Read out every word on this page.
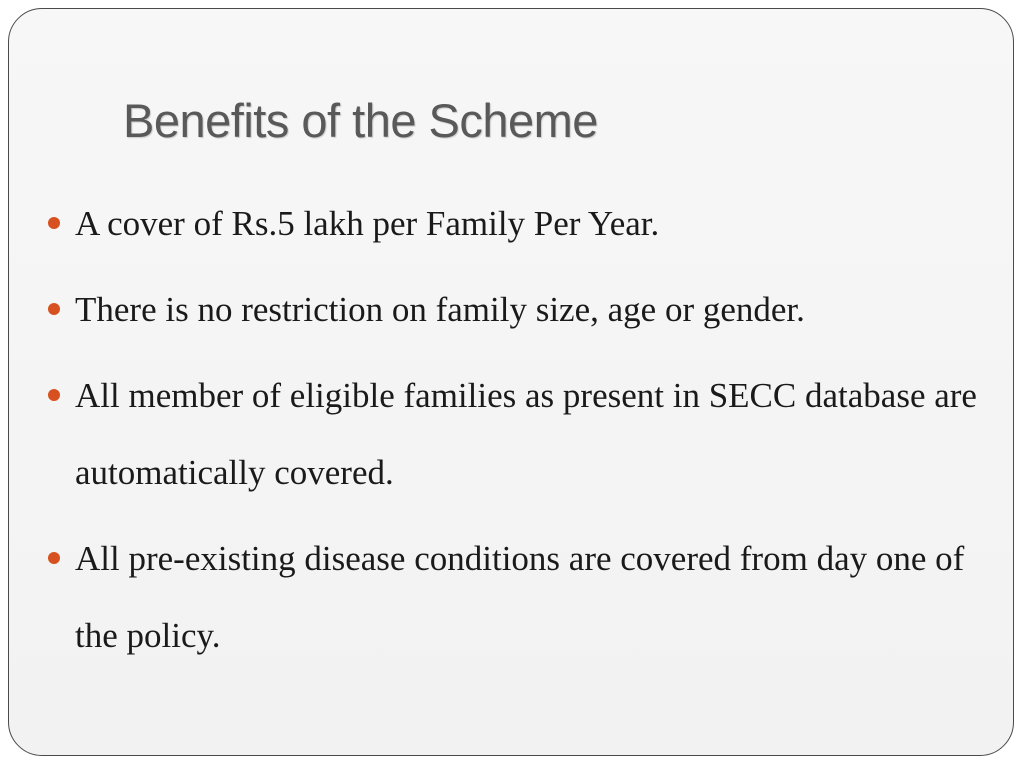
Benefits of the Scheme
A cover of Rs.5 lakh per Family Per Year.
There is no restriction on family size, age or gender.
All member of eligible families as present in SECC database are automatically covered.
All pre-existing disease conditions are covered from day one of the policy.
